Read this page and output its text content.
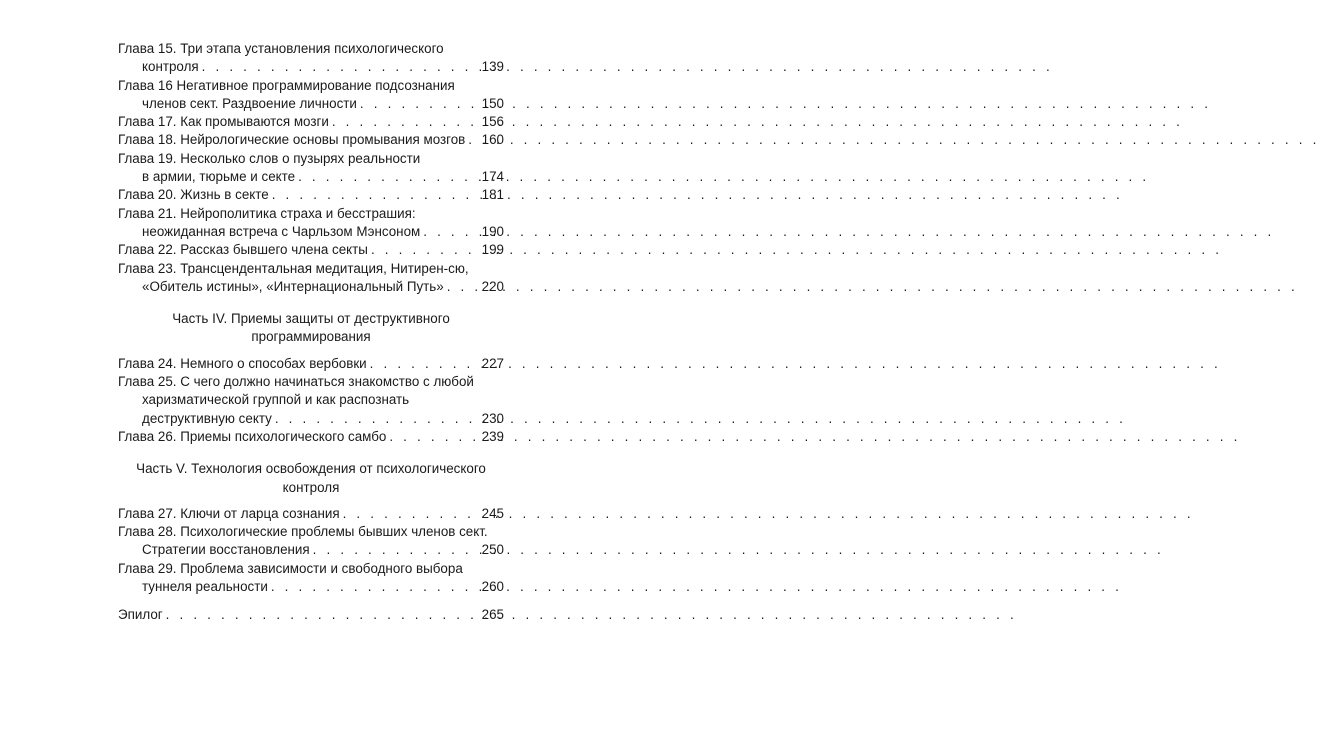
Глава 15. Три этапа установления психологического
контроля . . .	139
Глава 16 Негативное программирование подсознания
членов сект. Раздвоение личности . . .	150
Глава 17. Как промываются мозги . . .	156
Глава 18. Нейрологические основы промывания мозгов . . . 160
Глава 19. Несколько слов о пузырях реальности
в армии, тюрьме и секте . . .	174
Глава 20. Жизнь в секте . . .	181
Глава 21. Нейрополитика страха и бесстрашия:
неожиданная встреча с Чарльзом Мэнсоном . . .	190
Глава 22. Рассказ бывшего члена секты . . .	199
Глава 23. Трансцендентальная медитация, Нитирен-сю,
«Обитель истины», «Интернациональный Путь» . . .	220
Часть IV. Приемы защиты от деструктивного программирования
Глава 24. Немного о способах вербовки . . .	227
Глава 25. С чего должно начинаться знакомство с любой
харизматической группой и как распознать
деструктивную секту . . .	230
Глава 26. Приемы психологического самбо . . .	239
Часть V. Технология освобождения от психологического контроля
Глава 27. Ключи от ларца сознания . . .	245
Глава 28. Психологические проблемы бывших членов сект.
Стратегии восстановления . . .	250
Глава 29. Проблема зависимости и свободного выбора
туннеля реальности . . .	260
Эпилог . . .	265
